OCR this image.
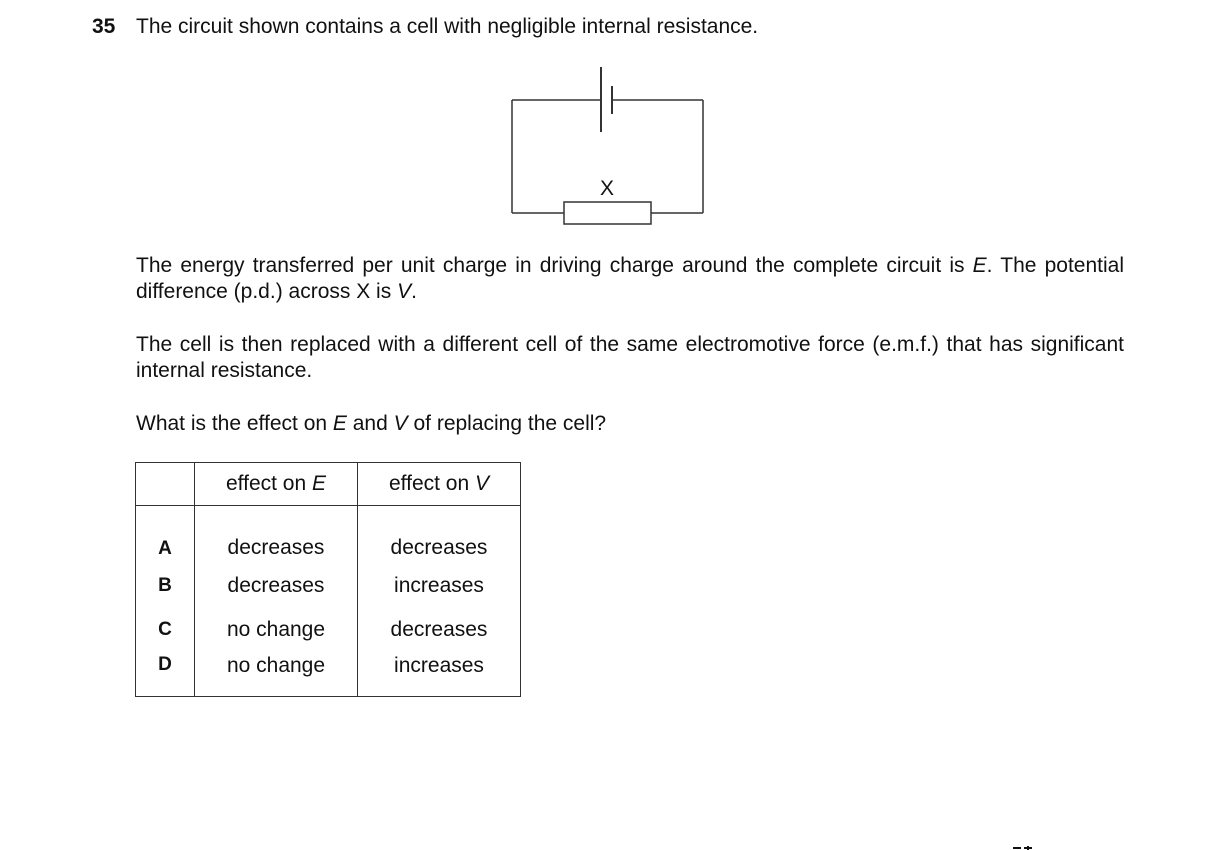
35 The circuit shown contains a cell with negligible internal resistance.
X
The energy transferred per unit charge in driving charge around the complete circuit is E. The potential difference (p.d.) across X is V.
The cell is then replaced with a different cell of the same electromotive force (e.m.f.) that has significant internal resistance.
What is the effect on E and V of replacing the cell?
	effect on E	effect on V
A	decreases	decreases
B	decreases	increases
C	no change	decreases
D	no change	increases
